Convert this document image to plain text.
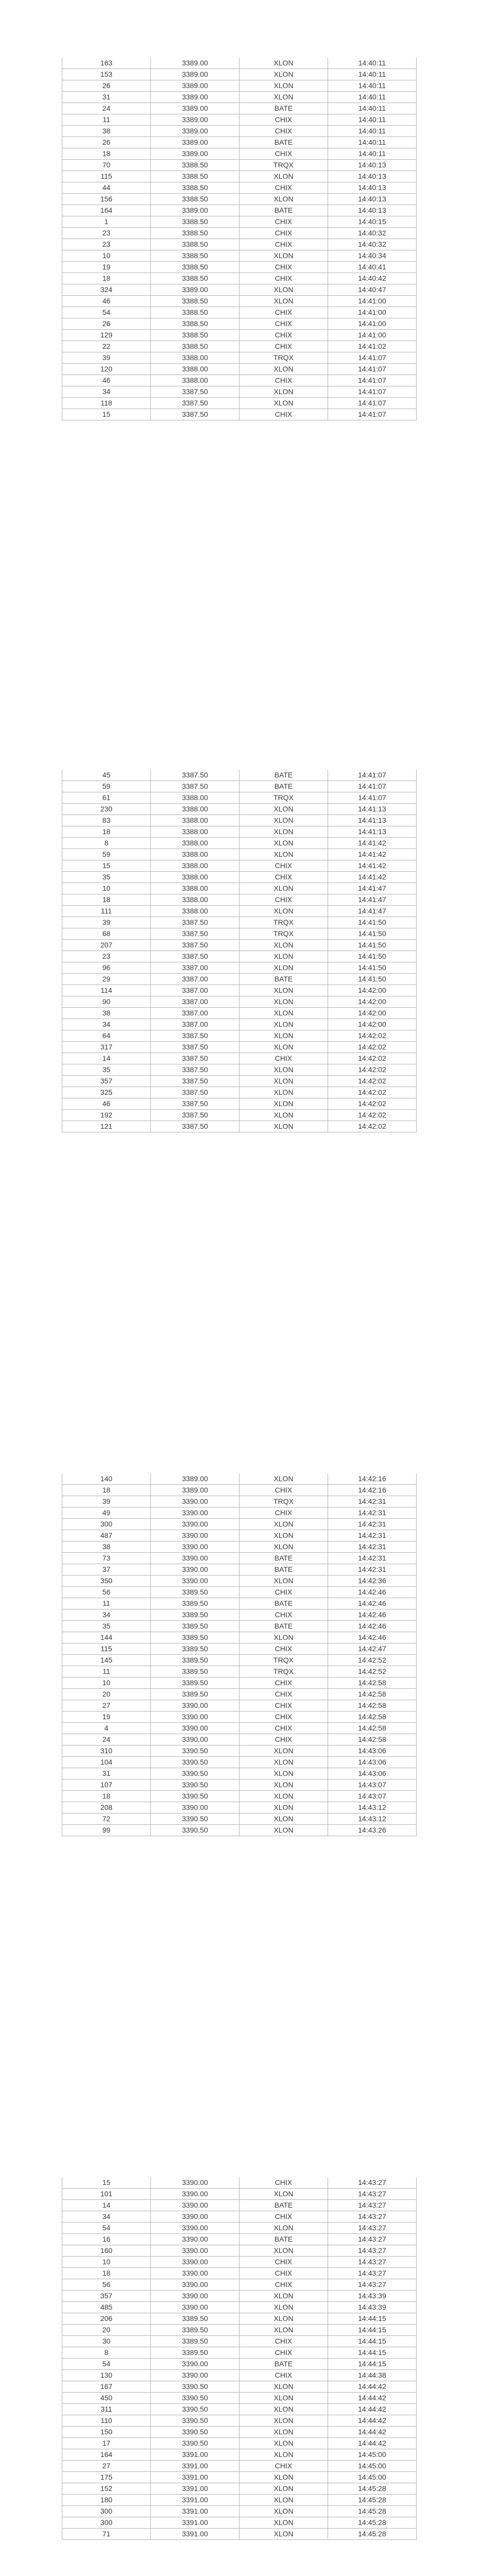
163	3389.00	XLON	14:40:11
153	3389.00	XLON	14:40:11
26	3389.00	XLON	14:40:11
31	3389.00	XLON	14:40:11
24	3389.00	BATE	14:40:11
11	3389.00	CHIX	14:40:11
38	3389.00	CHIX	14:40:11
26	3389.00	BATE	14:40:11
18	3389.00	CHIX	14:40:11
70	3388.50	TRQX	14:40:13
115	3388.50	XLON	14:40:13
44	3388.50	CHIX	14:40:13
156	3388.50	XLON	14:40:13
164	3389.00	BATE	14:40:13
1	3388.50	CHIX	14:40:15
23	3388.50	CHIX	14:40:32
23	3388.50	CHIX	14:40:32
10	3388.50	XLON	14:40:34
19	3388.50	CHIX	14:40:41
18	3388.50	CHIX	14:40:42
324	3389.00	XLON	14:40:47
46	3388.50	XLON	14:41:00
54	3388.50	CHIX	14:41:00
26	3388.50	CHIX	14:41:00
129	3388.50	CHIX	14:41:00
22	3388.50	CHIX	14:41:02
39	3388.00	TRQX	14:41:07
120	3388.00	XLON	14:41:07
46	3388.00	CHIX	14:41:07
34	3387.50	XLON	14:41:07
118	3387.50	XLON	14:41:07
15	3387.50	CHIX	14:41:07
45	3387.50	BATE	14:41:07
59	3387.50	BATE	14:41:07
61	3388.00	TRQX	14:41:07
230	3388.00	XLON	14:41:13
83	3388.00	XLON	14:41:13
18	3388.00	XLON	14:41:13
8	3388.00	XLON	14:41:42
59	3388.00	XLON	14:41:42
15	3388.00	CHIX	14:41:42
35	3388.00	CHIX	14:41:42
10	3388.00	XLON	14:41:47
18	3388.00	CHIX	14:41:47
111	3388.00	XLON	14:41:47
39	3387.50	TRQX	14:41:50
68	3387.50	TRQX	14:41:50
207	3387.50	XLON	14:41:50
23	3387.50	XLON	14:41:50
96	3387.00	XLON	14:41:50
29	3387.00	BATE	14:41:50
114	3387.00	XLON	14:42:00
90	3387.00	XLON	14:42:00
38	3387.00	XLON	14:42:00
34	3387.00	XLON	14:42:00
64	3387.50	XLON	14:42:02
317	3387.50	XLON	14:42:02
14	3387.50	CHIX	14:42:02
35	3387.50	XLON	14:42:02
357	3387.50	XLON	14:42:02
325	3387.50	XLON	14:42:02
46	3387.50	XLON	14:42:02
192	3387.50	XLON	14:42:02
121	3387.50	XLON	14:42:02
140	3389.00	XLON	14:42:16
18	3389.00	CHIX	14:42:16
39	3390.00	TRQX	14:42:31
49	3390.00	CHIX	14:42:31
300	3390.00	XLON	14:42:31
487	3390.00	XLON	14:42:31
38	3390.00	XLON	14:42:31
73	3390.00	BATE	14:42:31
37	3390.00	BATE	14:42:31
350	3390.00	XLON	14:42:36
56	3389.50	CHIX	14:42:46
11	3389.50	BATE	14:42:46
34	3389.50	CHIX	14:42:46
35	3389.50	BATE	14:42:46
144	3389.50	XLON	14:42:46
115	3389.50	CHIX	14:42:47
145	3389.50	TRQX	14:42:52
11	3389.50	TRQX	14:42:52
10	3389.50	CHIX	14:42:58
20	3389.50	CHIX	14:42:58
27	3390.00	CHIX	14:42:58
19	3390.00	CHIX	14:42:58
4	3390.00	CHIX	14:42:58
24	3390.00	CHIX	14:42:58
310	3390.50	XLON	14:43:06
104	3390.50	XLON	14:43:06
31	3390.50	XLON	14:43:06
107	3390.50	XLON	14:43:07
18	3390.50	XLON	14:43:07
208	3390.00	XLON	14:43:12
72	3390.50	XLON	14:43:12
99	3390.50	XLON	14:43:26
15	3390.00	CHIX	14:43:27
101	3390.00	XLON	14:43:27
14	3390.00	BATE	14:43:27
34	3390.00	CHIX	14:43:27
54	3390.00	XLON	14:43:27
16	3390.00	BATE	14:43:27
160	3390.00	XLON	14:43:27
10	3390.00	CHIX	14:43:27
18	3390.00	CHIX	14:43:27
56	3390.00	CHIX	14:43:27
357	3390.00	XLON	14:43:39
485	3390.00	XLON	14:43:39
206	3389.50	XLON	14:44:15
20	3389.50	XLON	14:44:15
30	3389.50	CHIX	14:44:15
8	3389.50	CHIX	14:44:15
54	3390.00	BATE	14:44:15
130	3390.00	CHIX	14:44:38
167	3390.50	XLON	14:44:42
450	3390.50	XLON	14:44:42
311	3390.50	XLON	14:44:42
110	3390.50	XLON	14:44:42
150	3390.50	XLON	14:44:42
17	3390.50	XLON	14:44:42
164	3391.00	XLON	14:45:00
27	3391.00	CHIX	14:45:00
175	3391.00	XLON	14:45:00
152	3391.00	XLON	14:45:28
180	3391.00	XLON	14:45:28
300	3391.00	XLON	14:45:28
300	3391.00	XLON	14:45:28
71	3391.00	XLON	14:45:28
